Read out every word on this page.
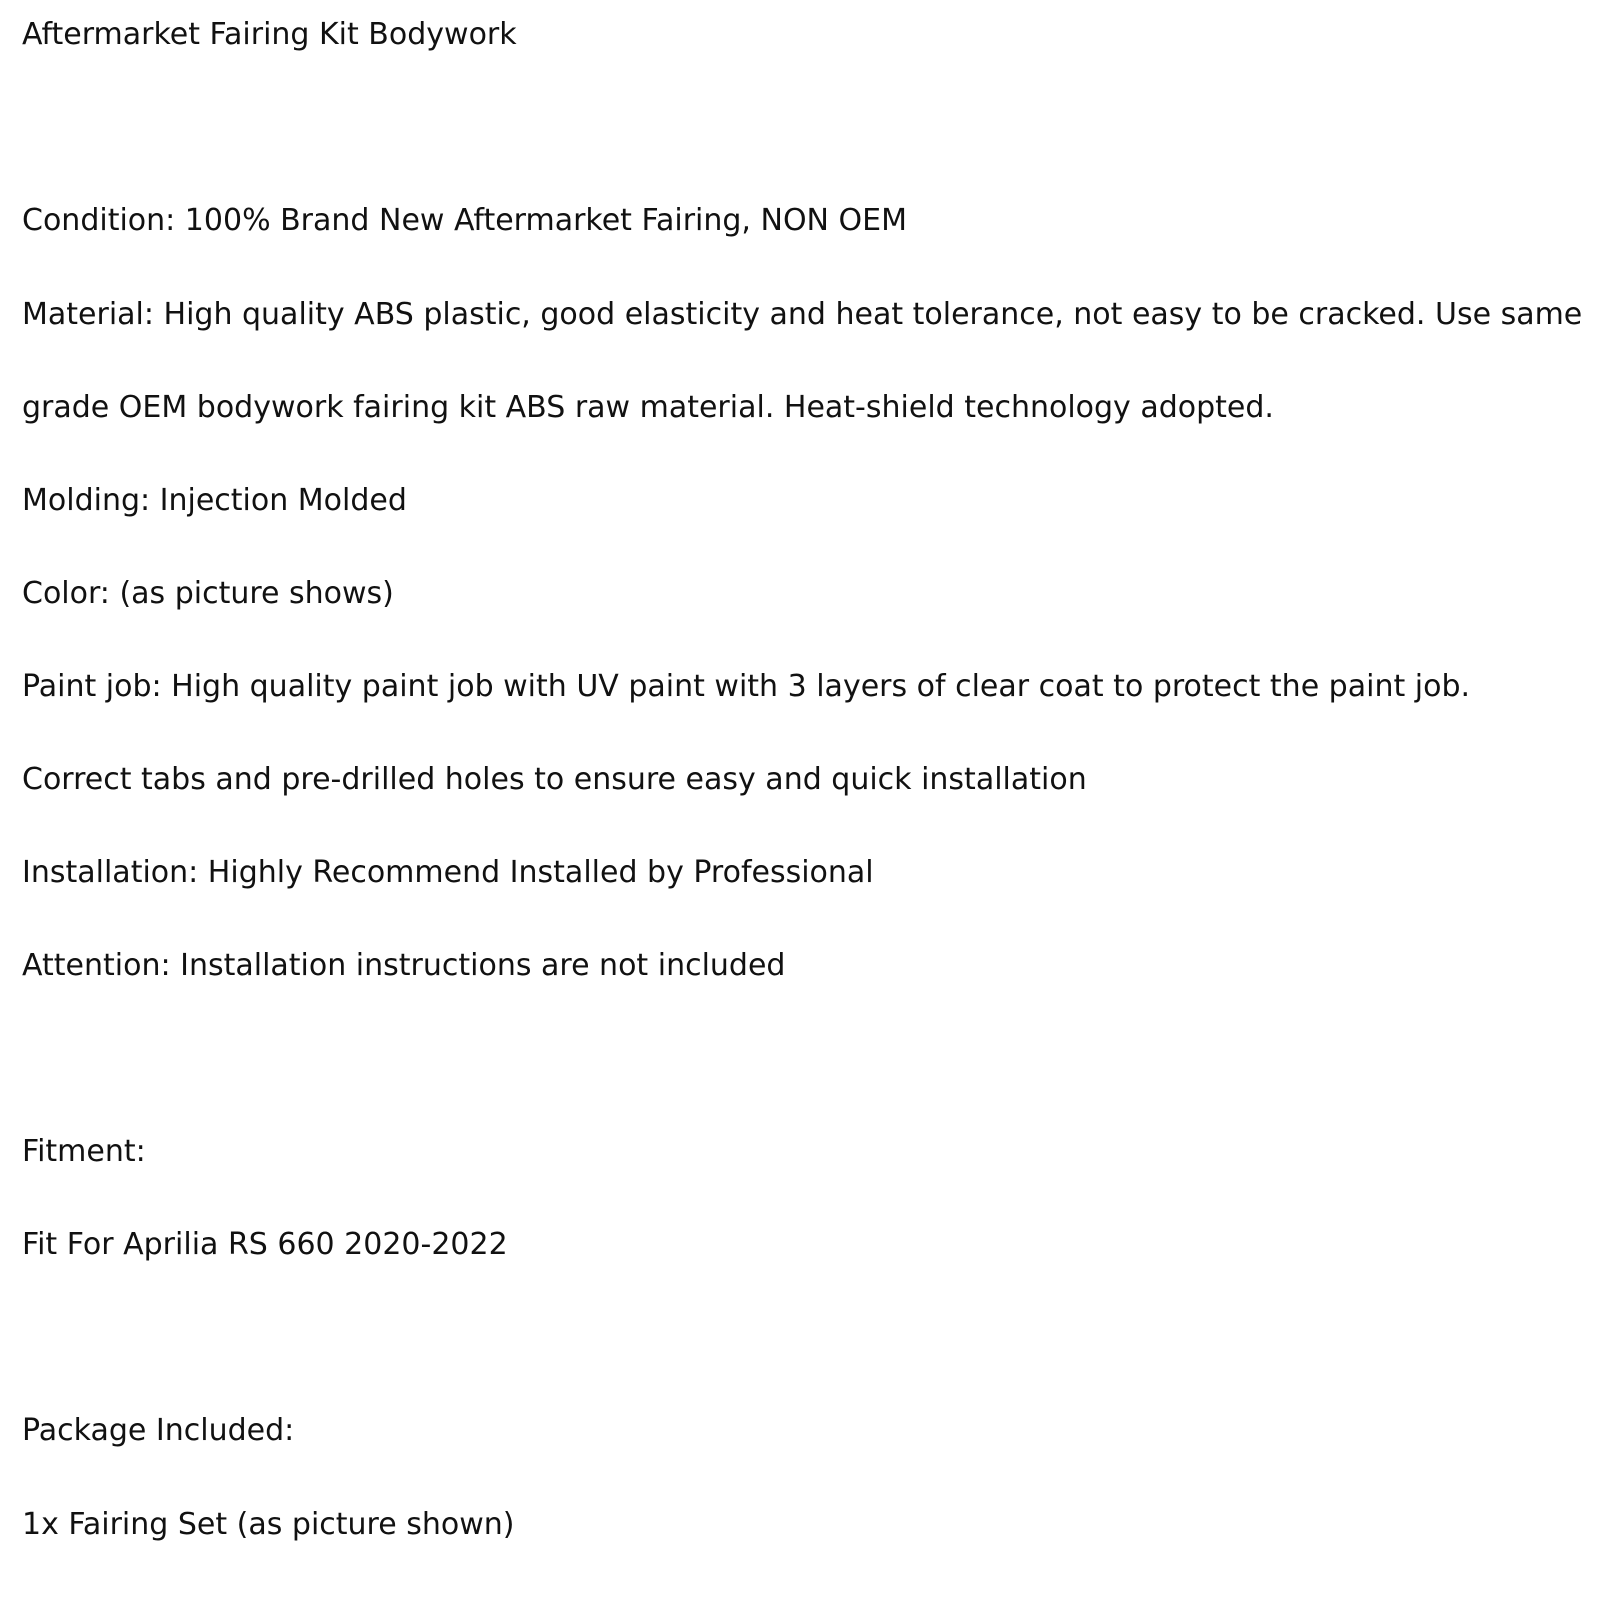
Aftermarket Fairing Kit Bodywork

Condition: 100% Brand New Aftermarket Fairing, NON OEM

Material: High quality ABS plastic, good elasticity and heat tolerance, not easy to be cracked. Use same

grade OEM bodywork fairing kit ABS raw material. Heat-shield technology adopted.

Molding: Injection Molded

Color: (as picture shows)

Paint job: High quality paint job with UV paint with 3 layers of clear coat to protect the paint job.

Correct tabs and pre-drilled holes to ensure easy and quick installation

Installation: Highly Recommend Installed by Professional

Attention: Installation instructions are not included

Fitment:

Fit For Aprilia RS 660 2020-2022

Package Included:

1x Fairing Set (as picture shown)
